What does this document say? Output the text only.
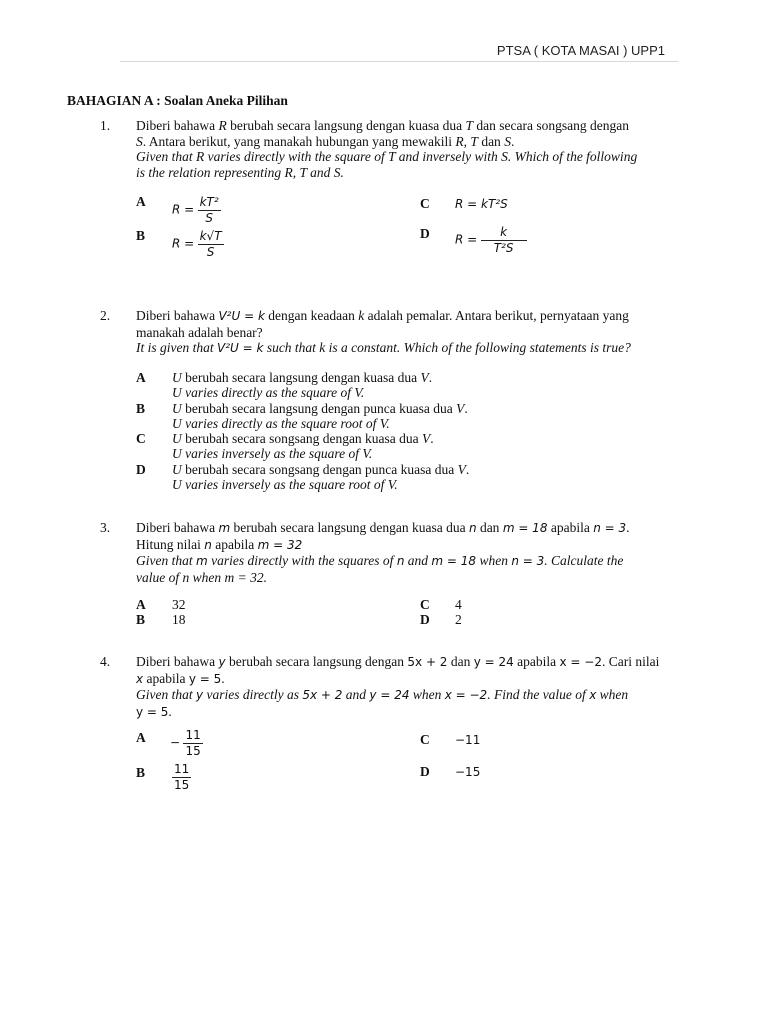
PTSA ( KOTA MASAI ) UPP1
BAHAGIAN A : Soalan Aneka Pilihan
1. Diberi bahawa R berubah secara langsung dengan kuasa dua T dan secara songsang dengan
S. Antara berikut, yang manakah hubungan yang mewakili R, T dan S.
Given that R varies directly with the square of T and inversely with S. Which of the following
is the relation representing R, T and S.
A
$R = \frac{\text{kT²}}{S}$
B
$R = \frac{k√T}{S}$
C R = kT²S
D $R = \frac{k}{\text{T²S}}$
2. Diberi bahawa V²U = k dengan keadaan k adalah pemalar. Antara berikut, pernyataan yang
manakah adalah benar?
It is given that V²U = k such that k is a constant. Which of the following statements is true?
A U berubah secara langsung dengan kuasa dua V.
U varies directly as the square of V.
B U berubah secara langsung dengan punca kuasa dua V.
U varies directly as the square root of V.
C U berubah secara songsang dengan kuasa dua V.
U varies inversely as the square of V.
D U berubah secara songsang dengan punca kuasa dua V.
U varies inversely as the square root of V.
3. Diberi bahawa m berubah secara langsung dengan kuasa dua n dan m = 18 apabila n = 3.
Hitung nilai n apabila m = 32
Given that m varies directly with the squares of n and m = 18 when n = 3. Calculate the
value of n when m = 32.
A 32
B 18
C 4
D 2
4. Diberi bahawa y berubah secara langsung dengan 5x + 2 dan y = 24 apabila x = −2. Cari nilai
x apabila y = 5.
Given that y varies directly as 5x + 2 and y = 24 when x = −2. Find the value of x when
y = 5.
$A - \frac{11}{15}$
B $\frac{11}{15}$
C −11
D −15
